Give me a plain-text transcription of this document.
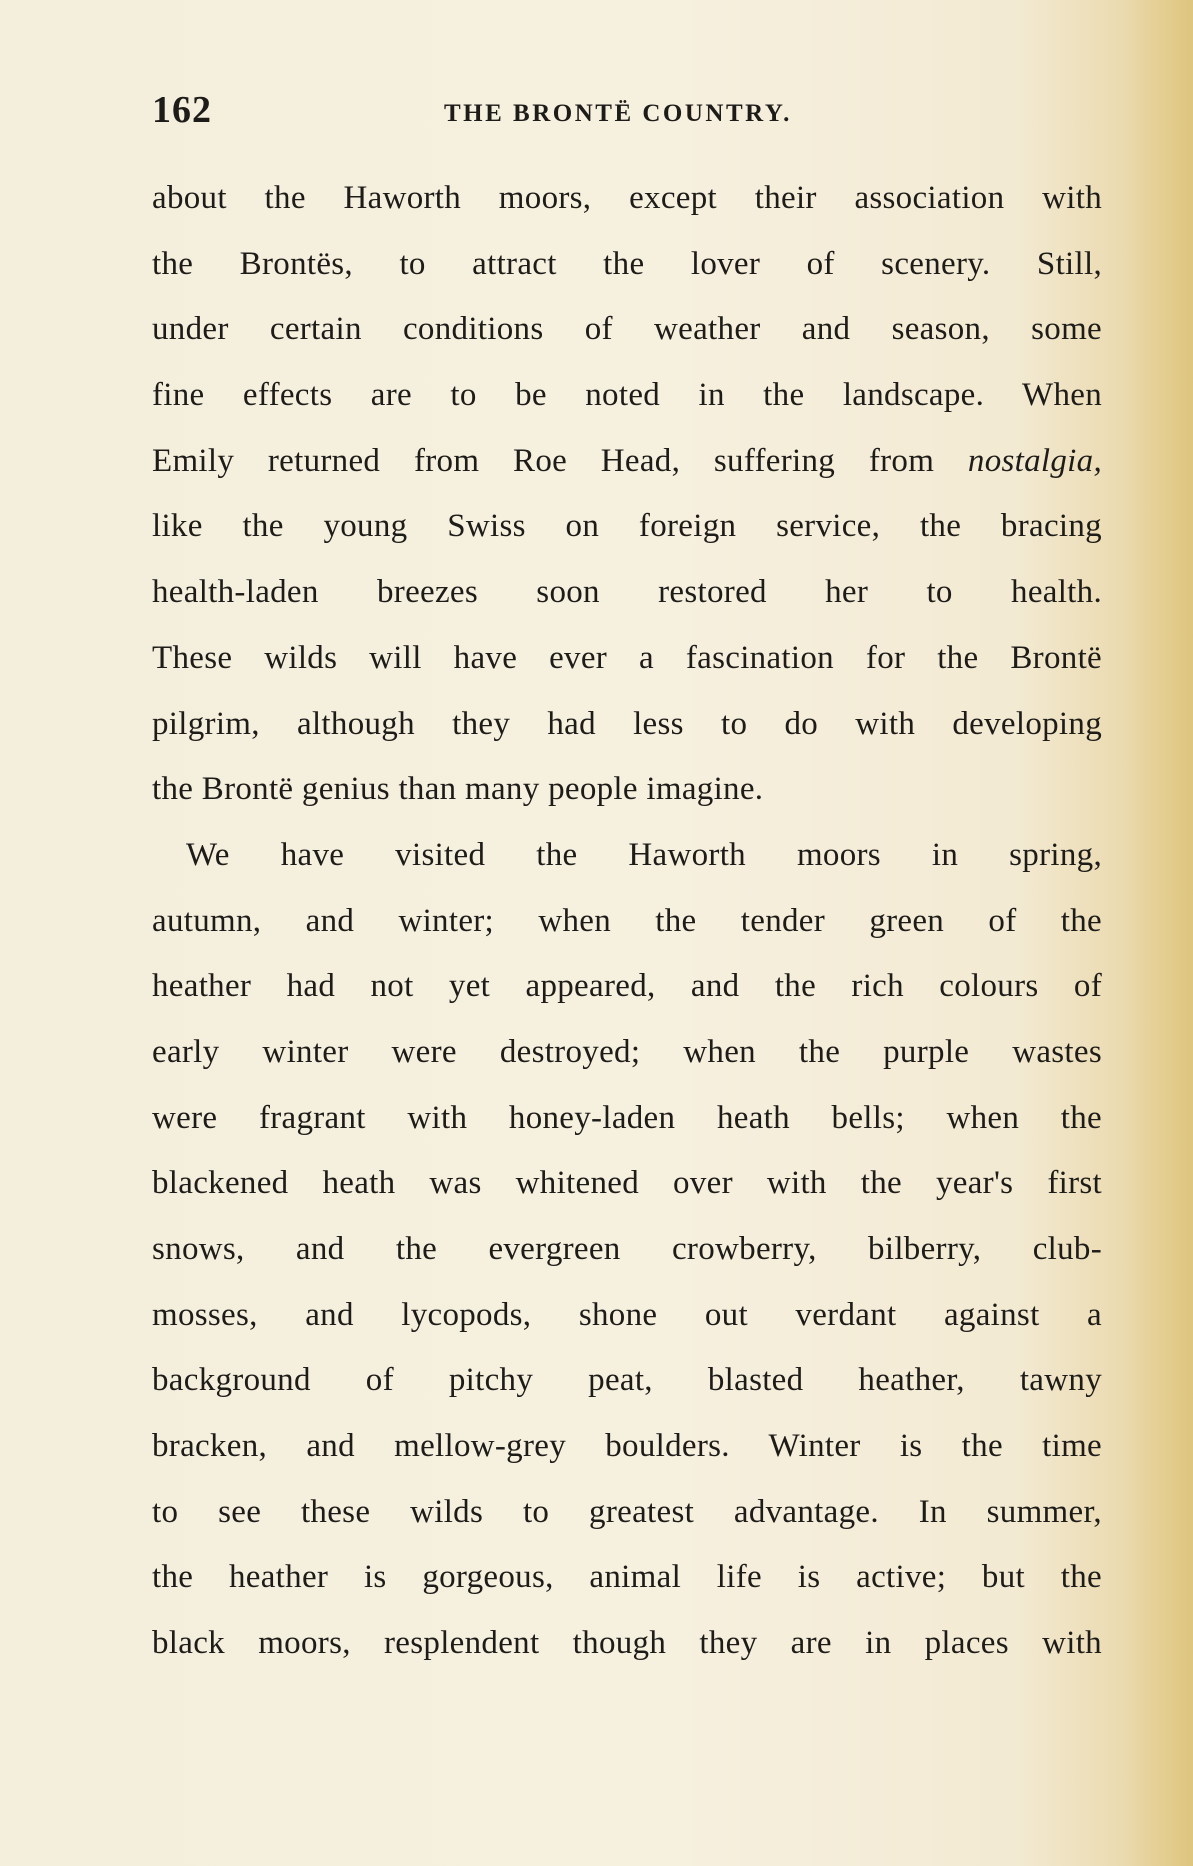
162	THE BRONTË COUNTRY.
about the Haworth moors, except their association with
the Brontës, to attract the lover of scenery. Still,
under certain conditions of weather and season, some
fine effects are to be noted in the landscape. When
Emily returned from Roe Head, suffering from nostalgia,
like the young Swiss on foreign service, the bracing
health-laden breezes soon restored her to health.
These wilds will have ever a fascination for the Brontë
pilgrim, although they had less to do with developing
the Brontë genius than many people imagine.
We have visited the Haworth moors in spring,
autumn, and winter; when the tender green of the
heather had not yet appeared, and the rich colours of
early winter were destroyed; when the purple wastes
were fragrant with honey-laden heath bells; when the
blackened heath was whitened over with the year's first
snows, and the evergreen crowberry, bilberry, club-
mosses, and lycopods, shone out verdant against a
background of pitchy peat, blasted heather, tawny
bracken, and mellow-grey boulders. Winter is the time
to see these wilds to greatest advantage. In summer,
the heather is gorgeous, animal life is active; but the
black moors, resplendent though they are in places with
